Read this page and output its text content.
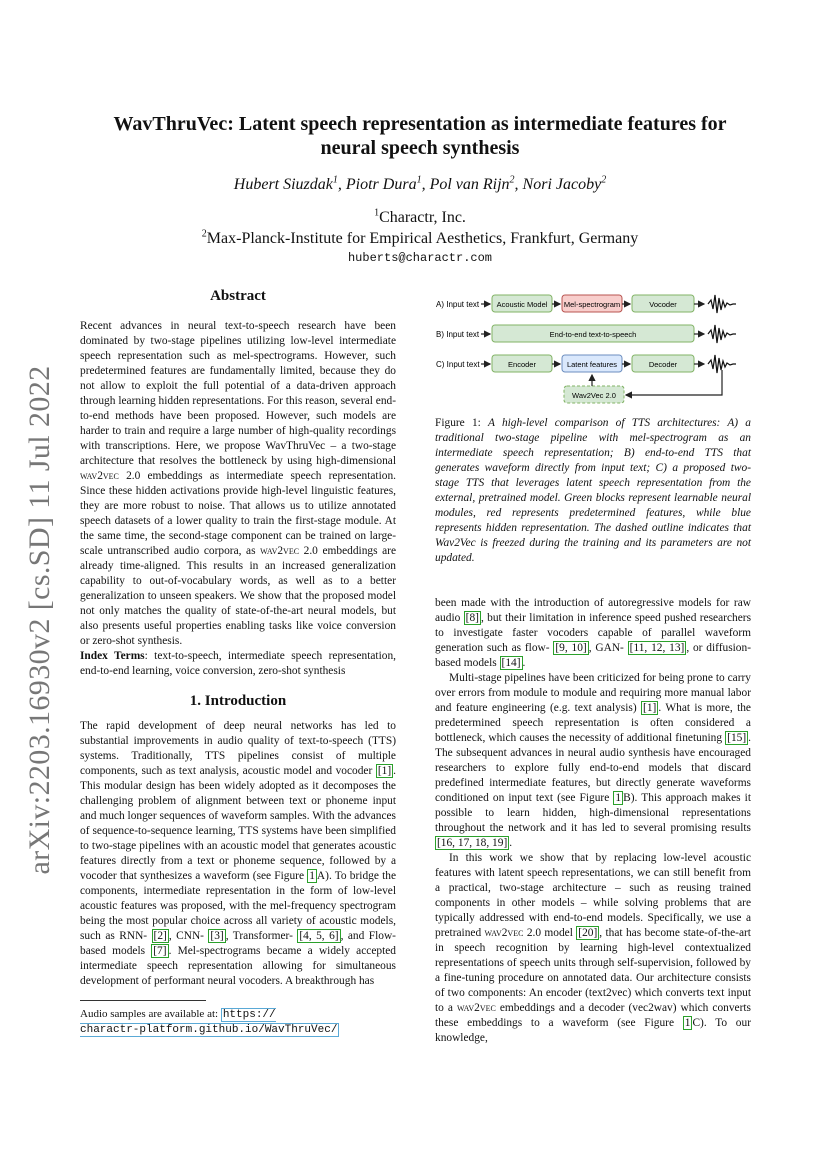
arXiv:2203.16930v2 [cs.SD] 11 Jul 2022
WavThruVec: Latent speech representation as intermediate features for
neural speech synthesis
Hubert Siuzdak$^1$, Piotr Dura$^1$, Pol van Rijn$^2$, Nori Jacoby$^2$
$^1$Charactr, Inc.
$^2$Max-Planck-Institute for Empirical Aesthetics, Frankfurt, Germany
huberts@charactr.com
Abstract

Recent advances in neural text-to-speech research have been dominated by two-stage pipelines utilizing low-level intermediate speech representation such as mel-spectrograms. However, such predetermined features are fundamentally limited, because they do not allow to exploit the full potential of a data-driven approach through learning hidden representations. For this reason, several end-to-end methods have been proposed. However, such models are harder to train and require a large number of high-quality recordings with transcriptions. Here, we propose WavThruVec – a two-stage architecture that resolves the bottleneck by using high-dimensional wav2vec 2.0 embeddings as intermediate speech representation. Since these hidden activations provide high-level linguistic features, they are more robust to noise. That allows us to utilize annotated speech datasets of a lower quality to train the first-stage module. At the same time, the second-stage component can be trained on large-scale untranscribed audio corpora, as wav2vec 2.0 embeddings are already time-aligned. This results in an increased generalization capability to out-of-vocabulary words, as well as to a better generalization to unseen speakers. We show that the proposed model not only matches the quality of state-of-the-art neural models, but also presents useful properties enabling tasks like voice conversion or zero-shot synthesis.

Index Terms: text-to-speech, intermediate speech representation, end-to-end learning, voice conversion, zero-shot synthesis

1. Introduction

The rapid development of deep neural networks has led to substantial improvements in audio quality of text-to-speech (TTS) systems. Traditionally, TTS pipelines consist of multiple components, such as text analysis, acoustic model and vocoder [1] . This modular design has been widely adopted as it decomposes the challenging problem of alignment between text or phoneme input and much longer sequences of waveform samples. With the advances of sequence-to-sequence learning, TTS systems have been simplified to two-stage pipelines with an acoustic model that generates acoustic features directly from a text or phoneme sequence, followed by a vocoder that synthesizes a waveform (see Figure 1 A). To bridge the components, intermediate representation in the form of low-level acoustic features was proposed, with the mel-frequency spectrogram being the most popular choice across all variety of acoustic models, such as RNN- [2] , CNN- [3] , Transformer- [4, 5, 6] , and Flow-based models [7] . Mel-spectrograms became a widely accepted intermediate speech representation allowing for simultaneous development of performant neural vocoders. A breakthrough has

Audio samples are available at: https://
charactr-platform.github.io/WavThruVec/
A) Input text Acoustic Model Mel-spectrogram	Vocoder
B) Input text	End-to-end text-to-speech
C) Input text	Encoder	Latent features	Decoder
Wav2Vec 2.0
Figure 1: A high-level comparison of TTS architectures: A) a traditional two-stage pipeline with mel-spectrogram as an intermediate speech representation; B) end-to-end TTS that generates waveform directly from input text; C) a proposed two-stage TTS that leverages latent speech representation from the external, pretrained model. Green blocks represent learnable neural modules, red represents predetermined features, while blue represents hidden representation. The dashed outline indicates that Wav2Vec is freezed during the training and its parameters are not updated.

been made with the introduction of autoregressive models for raw audio [8] , but their limitation in inference speed pushed researchers to investigate faster vocoders capable of parallel waveform generation such as flow- [9, 10] , GAN- [11, 12, 13] , or diffusion-based models [14] .

Multi-stage pipelines have been criticized for being prone to carry over errors from module to module and requiring more manual labor and feature engineering (e.g. text analysis) [1] . What is more, the predetermined speech representation is often considered a bottleneck, which causes the necessity of additional finetuning [15] . The subsequent advances in neural audio synthesis have encouraged researchers to explore fully end-to-end models that discard predefined intermediate features, but directly generate waveforms conditioned on input text (see Figure 1 B). This approach makes it possible to learn hidden, high-dimensional representations throughout the network and it has led to several promising results [16, 17, 18, 19] .

In this work we show that by replacing low-level acoustic features with latent speech representations, we can still benefit from a practical, two-stage architecture – such as reusing trained components in other models – while solving problems that are typically addressed with end-to-end models. Specifically, we use a pretrained wav2vec 2.0 model [20] , that has become state-of-the-art in speech recognition by learning high-level contextualized representations of speech units through self-supervision, followed by a fine-tuning procedure on annotated data. Our architecture consists of two components: An encoder (text2vec) which converts text input to a wav2vec embeddings and a decoder (vec2wav) which converts these embeddings to a waveform (see Figure 1 C). To our knowledge,
